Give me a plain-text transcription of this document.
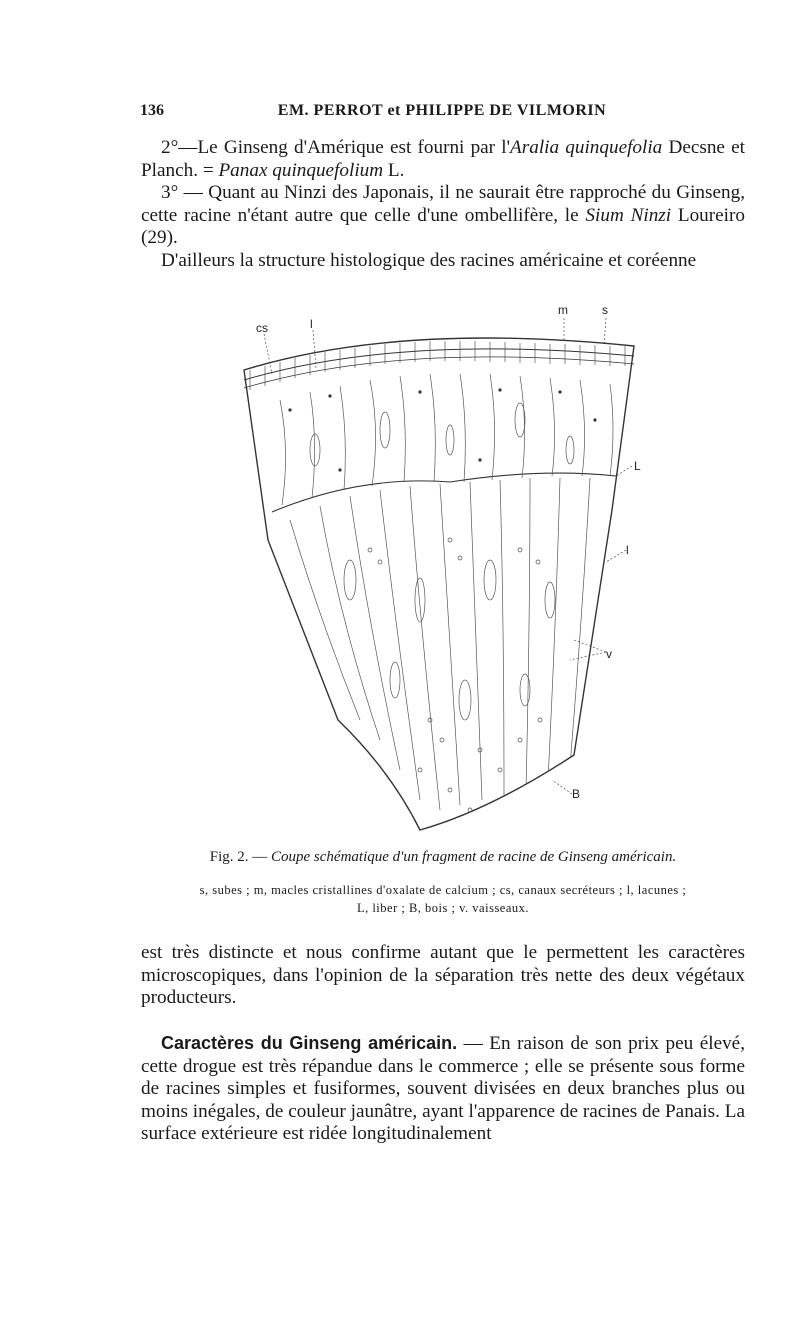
136	EM. PERROT et PHILIPPE DE VILMORIN

2°—Le Ginseng d'Amérique est fourni par l'Aralia quinquefolia Decsne et Planch. = Panax quinquefolium L.

3° — Quant au Ninzi des Japonais, il ne saurait être rapproché du Ginseng, cette racine n'étant autre que celle d'une ombellifère, le Sium Ninzi Loureiro (29).

D'ailleurs la structure histologique des racines américaine et coréenne

cs	l
m	s
L
l
v
B
Fig. 2. — Coupe schématique d'un fragment de racine de Ginseng américain.
s, subes ; m, macles cristallines d'oxalate de calcium ; cs, canaux secréteurs ; l, lacunes ;
L, liber ; B, bois ; v. vaisseaux.
est très distincte et nous confirme autant que le permettent les caractères microscopiques, dans l'opinion de la séparation très nette des deux végétaux producteurs.

Caractères du Ginseng américain. — En raison de son prix peu élevé, cette drogue est très répandue dans le commerce ; elle se présente sous forme de racines simples et fusiformes, souvent divisées en deux branches plus ou moins inégales, de couleur jaunâtre, ayant l'apparence de racines de Panais. La surface extérieure est ridée longitudinalement
